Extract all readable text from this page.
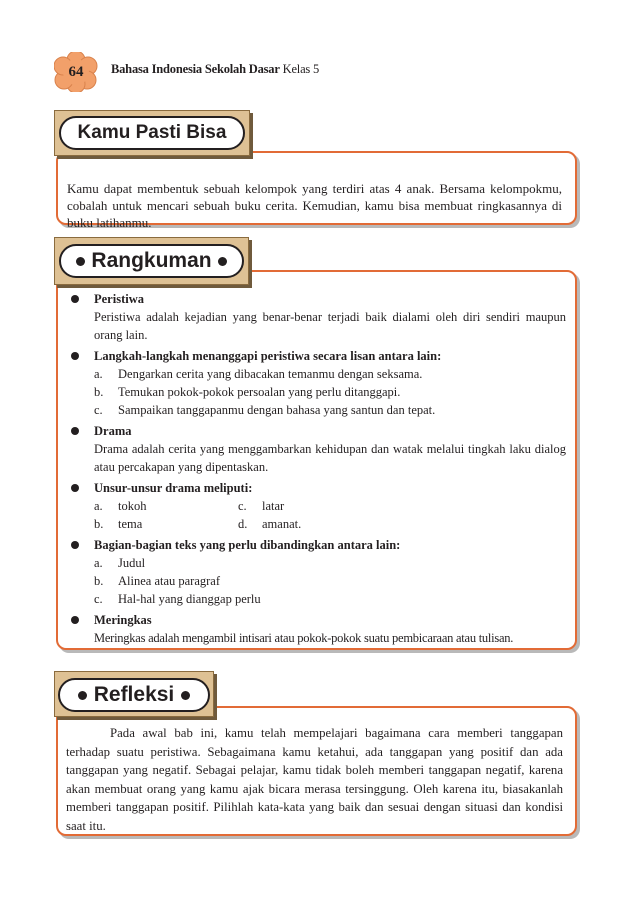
64	Bahasa Indonesia Sekolah Dasar Kelas 5
Kamu Pasti Bisa
Kamu dapat membentuk sebuah kelompok yang terdiri atas 4 anak. Bersama kelompokmu, cobalah untuk mencari sebuah buku cerita. Kemudian, kamu bisa membuat ringkasannya di buku latihanmu.
Rangkuman
Peristiwa
Peristiwa adalah kejadian yang benar-benar terjadi baik dialami oleh diri sendiri maupun orang lain.
Langkah-langkah menanggapi peristiwa secara lisan antara lain:
a.	Dengarkan cerita yang dibacakan temanmu dengan seksama.
b.	Temukan pokok-pokok persoalan yang perlu ditanggapi.
c.	Sampaikan tanggapanmu dengan bahasa yang santun dan tepat.
Drama
Drama adalah cerita yang menggambarkan kehidupan dan watak melalui tingkah laku dialog atau percakapan yang dipentaskan.
Unsur-unsur drama meliputi:
a. tokoh	c.	latar
b. tema	d.	amanat.
Bagian-bagian teks yang perlu dibandingkan antara lain:
a.	Judul
b.	Alinea atau paragraf
c.	Hal-hal yang dianggap perlu
Meringkas
Meringkas adalah mengambil intisari atau pokok-pokok suatu pembicaraan atau tulisan.
Refleksi
Pada awal bab ini, kamu telah mempelajari bagaimana cara memberi tanggapan terhadap suatu peristiwa. Sebagaimana kamu ketahui, ada tanggapan yang positif dan ada tanggapan yang negatif. Sebagai pelajar, kamu tidak boleh memberi tanggapan negatif, karena akan membuat orang yang kamu ajak bicara merasa tersinggung. Oleh karena itu, biasakanlah memberi tanggapan positif. Pilihlah kata-kata yang baik dan sesuai dengan situasi dan kondisi saat itu.
